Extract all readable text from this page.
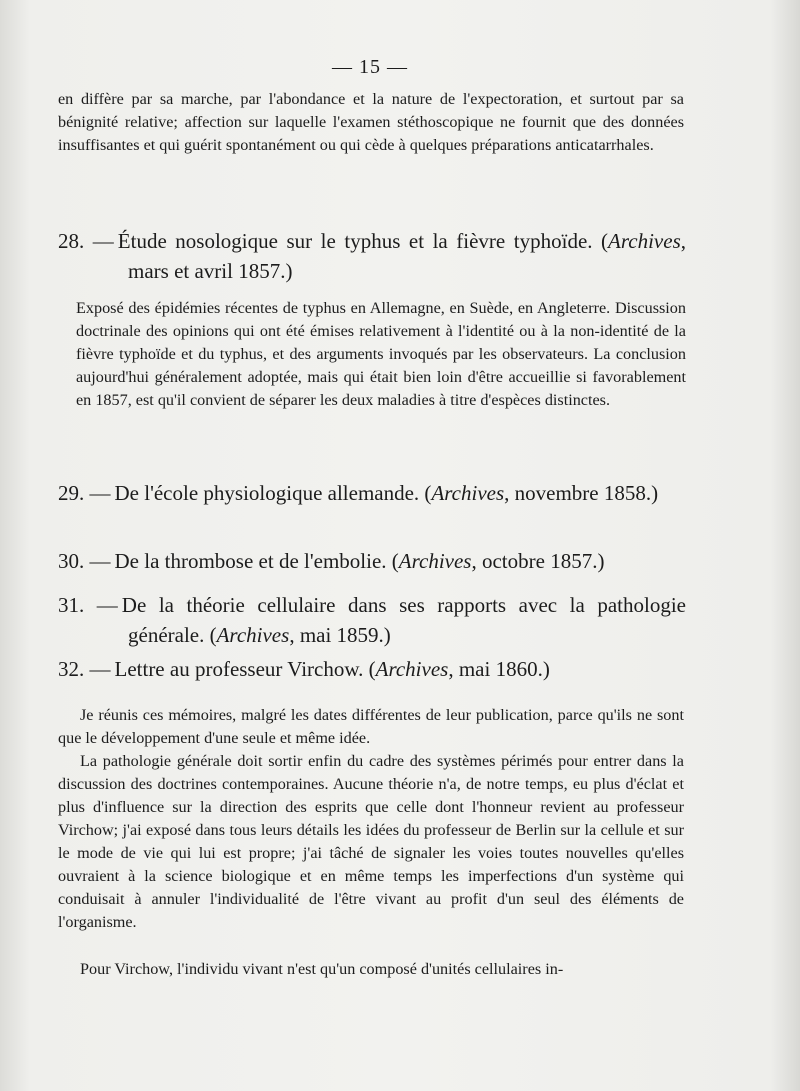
— 15 —

en diffère par sa marche, par l'abondance et la nature de l'expectoration, et surtout par sa bénignité relative; affection sur laquelle l'examen stéthoscopique ne fournit que des données insuffisantes et qui guérit spontanément ou qui cède à quelques préparations anticatarrhales.

28. — Étude nosologique sur le typhus et la fièvre typhoïde. (Archives, mars et avril 1857.)

Exposé des épidémies récentes de typhus en Allemagne, en Suède, en Angleterre. Discussion doctrinale des opinions qui ont été émises relativement à l'identité ou à la non-identité de la fièvre typhoïde et du typhus, et des arguments invoqués par les observateurs. La conclusion aujourd'hui généralement adoptée, mais qui était bien loin d'être accueillie si favorablement en 1857, est qu'il convient de séparer les deux maladies à titre d'espèces distinctes.

29. — De l'école physiologique allemande. (Archives, novembre 1858.)

30. — De la thrombose et de l'embolie. (Archives, octobre 1857.)

31. — De la théorie cellulaire dans ses rapports avec la pathologie générale. (Archives, mai 1859.)

32. — Lettre au professeur Virchow. (Archives, mai 1860.)

Je réunis ces mémoires, malgré les dates différentes de leur publication, parce qu'ils ne sont que le développement d'une seule et même idée.

La pathologie générale doit sortir enfin du cadre des systèmes périmés pour entrer dans la discussion des doctrines contemporaines. Aucune théorie n'a, de notre temps, eu plus d'éclat et plus d'influence sur la direction des esprits que celle dont l'honneur revient au professeur Virchow; j'ai exposé dans tous leurs détails les idées du professeur de Berlin sur la cellule et sur le mode de vie qui lui est propre; j'ai tâché de signaler les voies toutes nouvelles qu'elles ouvraient à la science biologique et en même temps les imperfections d'un système qui conduisait à annuler l'individualité de l'être vivant au profit d'un seul des éléments de l'organisme.

Pour Virchow, l'individu vivant n'est qu'un composé d'unités cellulaires in-
